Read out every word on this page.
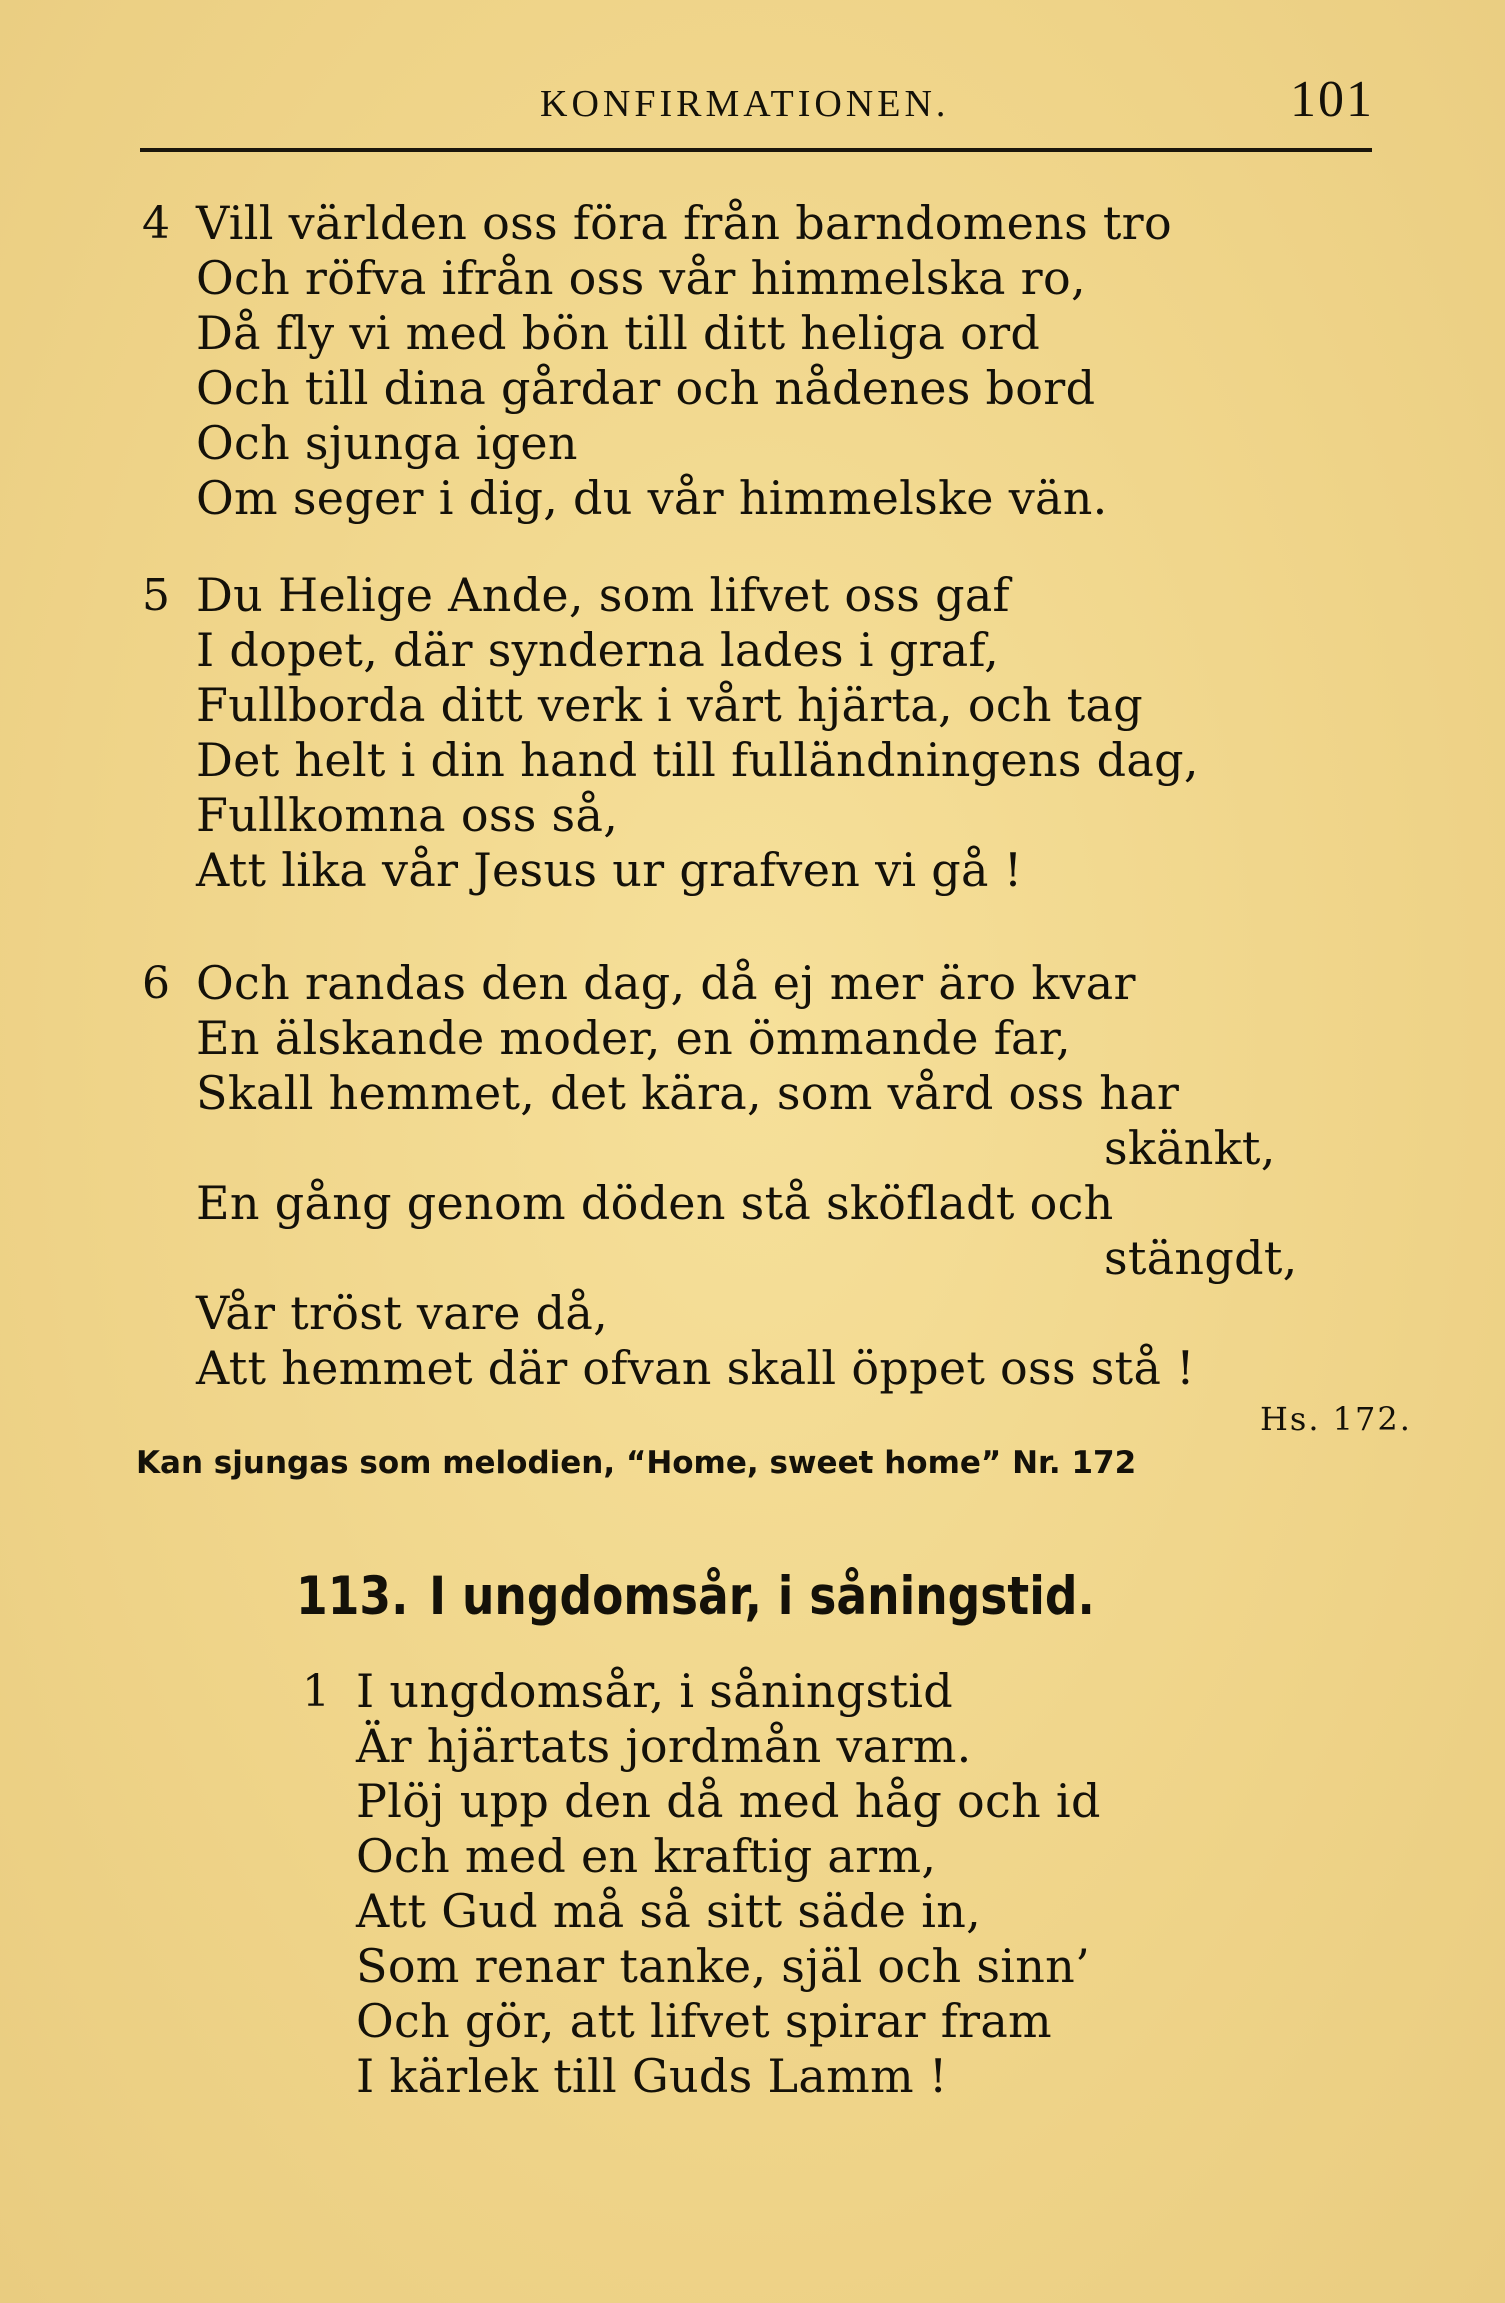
KONFIRMATIONEN.	101
4 Vill världen oss föra från barndomens tro
Och röfva ifrån oss vår himmelska ro,
Då fly vi med bön till ditt heliga ord
Och till dina gårdar och nådenes bord
Och sjunga igen
Om seger i dig, du vår himmelske vän.
5 Du Helige Ande, som lifvet oss gaf
I dopet, där synderna lades i graf,
Fullborda ditt verk i vårt hjärta, och tag
Det helt i din hand till fulländningens dag,
Fullkomna oss så,
Att lika vår Jesus ur grafven vi gå !
6 Och randas den dag, då ej mer äro kvar
En älskande moder, en ömmande far,
Skall hemmet, det kära, som vård oss har
skänkt,
En gång genom döden stå sköfladt och
stängdt,
Vår tröst vare då,
Att hemmet där ofvan skall öppet oss stå !
Hs. 172.
Kan sjungas som melodien, “Home, sweet home” Nr. 172
113. I ungdomsår, i såningstid.
1 I ungdomsår, i såningstid
Är hjärtats jordmån varm.
Plöj upp den då med håg och id
Och med en kraftig arm,
Att Gud må så sitt säde in,
Som renar tanke, själ och sinn’
Och gör, att lifvet spirar fram
I kärlek till Guds Lamm !
